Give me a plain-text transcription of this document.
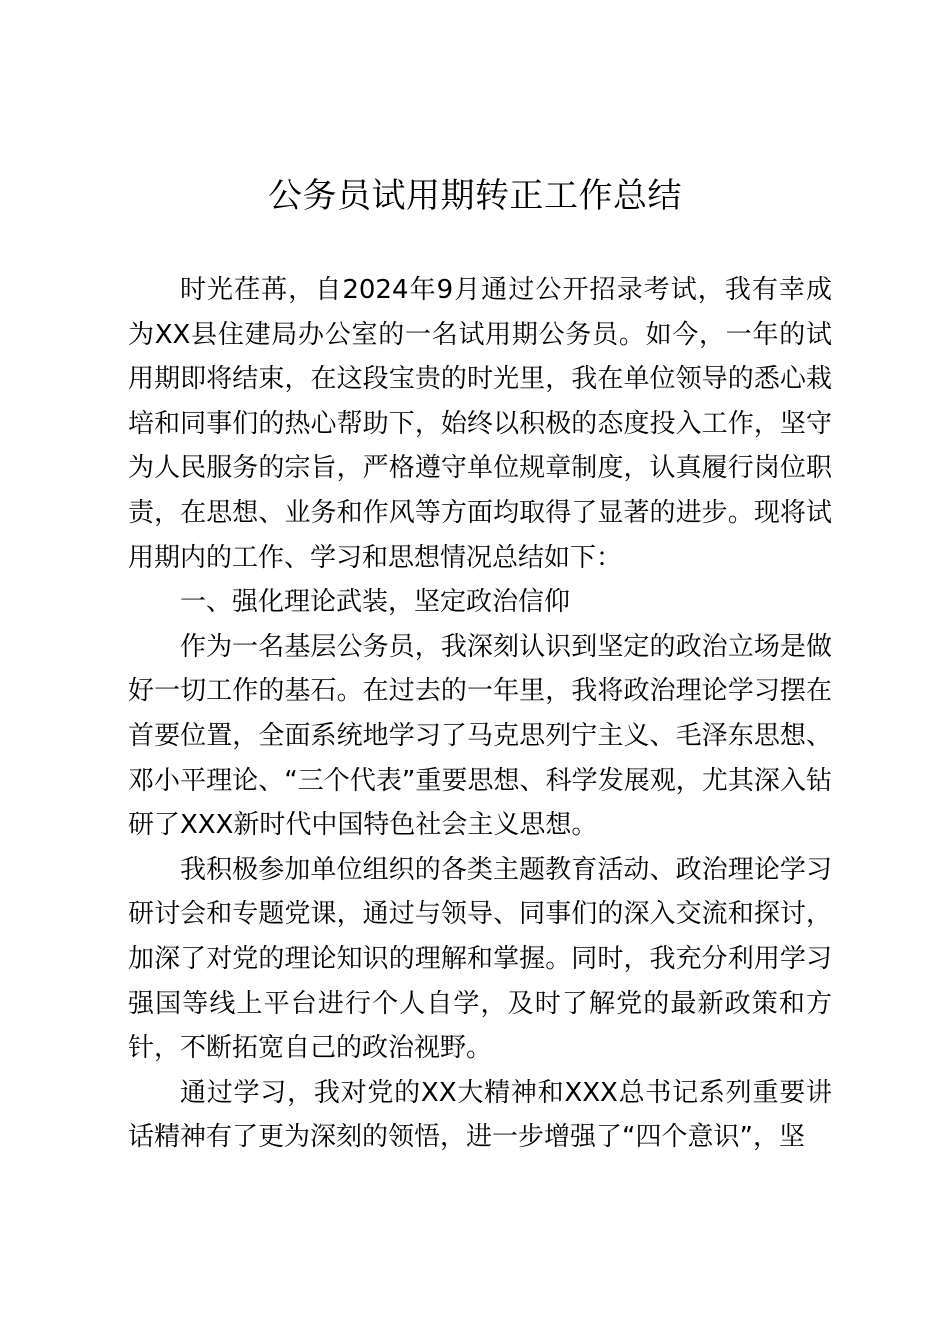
公务员试用期转正工作总结

时光荏苒，自2024年9月通过公开招录考试，我有幸成为XX县住建局办公室的一名试用期公务员。如今，一年的试用期即将结束，在这段宝贵的时光里，我在单位领导的悉心栽培和同事们的热心帮助下，始终以积极的态度投入工作，坚守为人民服务的宗旨，严格遵守单位规章制度，认真履行岗位职责，在思想、业务和作风等方面均取得了显著的进步。现将试用期内的工作、学习和思想情况总结如下：

一、强化理论武装，坚定政治信仰

作为一名基层公务员，我深刻认识到坚定的政治立场是做好一切工作的基石。在过去的一年里，我将政治理论学习摆在首要位置，全面系统地学习了马克思列宁主义、毛泽东思想、邓小平理论、“三个代表”重要思想、科学发展观，尤其深入钻研了XXX新时代中国特色社会主义思想。

我积极参加单位组织的各类主题教育活动、政治理论学习研讨会和专题党课，通过与领导、同事们的深入交流和探讨，加深了对党的理论知识的理解和掌握。同时，我充分利用学习强国等线上平台进行个人自学，及时了解党的最新政策和方针，不断拓宽自己的政治视野。

通过学习，我对党的XX大精神和XXX总书记系列重要讲话精神有了更为深刻的领悟，进一步增强了“四个意识”，坚
